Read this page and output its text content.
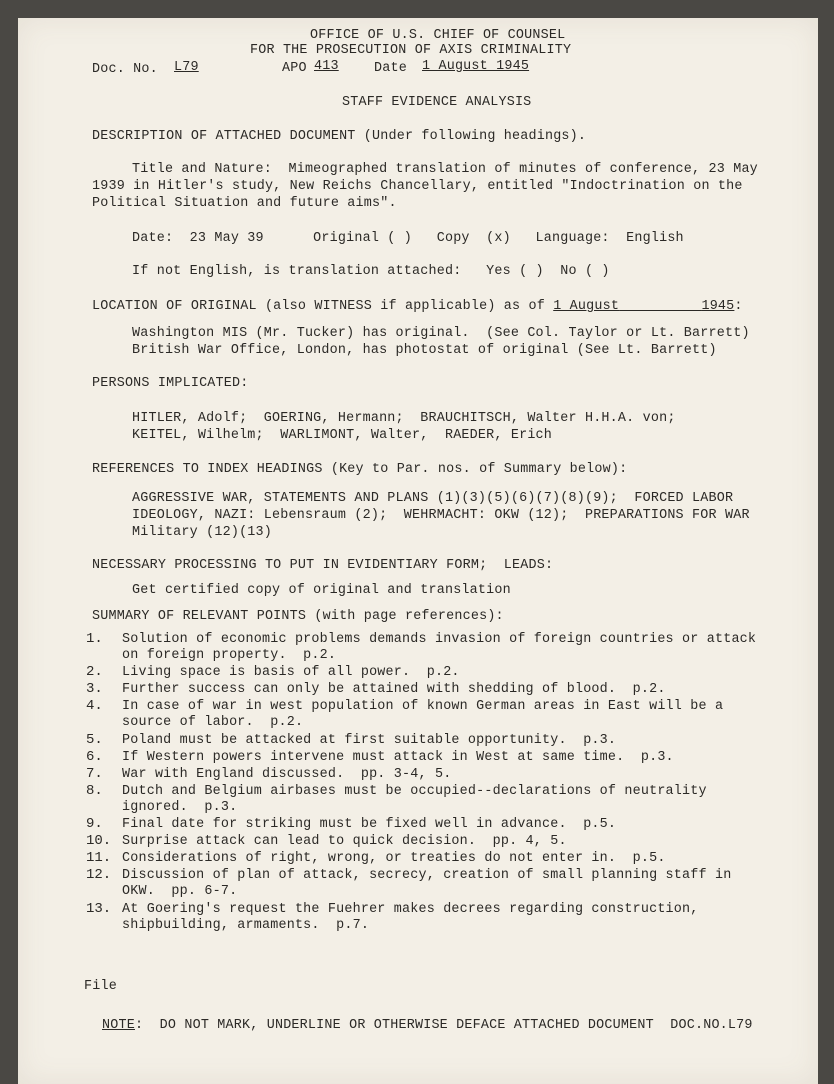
OFFICE OF U.S. CHIEF OF COUNSEL
FOR THE PROSECUTION OF AXIS CRIMINALITY
Doc. No. L79	APO 413	Date 1 August 1945
STAFF EVIDENCE ANALYSIS
DESCRIPTION OF ATTACHED DOCUMENT (Under following headings).
Title and Nature:  Mimeographed translation of minutes of conference, 23 May
1939 in Hitler's study, New Reichs Chancellary, entitled "Indoctrination on the
Political Situation and future aims".
Date:  23 May 39      Original ( )   Copy  (x)   Language:  English
If not English, is translation attached:   Yes ( )  No ( )
LOCATION OF ORIGINAL (also WITNESS if applicable) as of 1 August	1945:
Washington MIS (Mr. Tucker) has original.  (See Col. Taylor or Lt. Barrett)
British War Office, London, has photostat of original (See Lt. Barrett)
PERSONS IMPLICATED:
HITLER, Adolf;  GOERING, Hermann;  BRAUCHITSCH, Walter H.H.A. von;
KEITEL, Wilhelm;  WARLIMONT, Walter,  RAEDER, Erich
REFERENCES TO INDEX HEADINGS (Key to Par. nos. of Summary below):
AGGRESSIVE WAR, STATEMENTS AND PLANS (1)(3)(5)(6)(7)(8)(9);  FORCED LABOR
IDEOLOGY, NAZI: Lebensraum (2);  WEHRMACHT: OKW (12);  PREPARATIONS FOR WAR
Military (12)(13)
NECESSARY PROCESSING TO PUT IN EVIDENTIARY FORM;  LEADS:
Get certified copy of original and translation
SUMMARY OF RELEVANT POINTS (with page references):
1. Solution of economic problems demands invasion of foreign countries or attack
on foreign property.  p.2.
2. Living space is basis of all power.  p.2.
3. Further success can only be attained with shedding of blood.  p.2.
4. In case of war in west population of known German areas in East will be a
source of labor.  p.2.
5. Poland must be attacked at first suitable opportunity.  p.3.
6. If Western powers intervene must attack in West at same time.  p.3.
7. War with England discussed.  pp. 3-4, 5.
8. Dutch and Belgium airbases must be occupied--declarations of neutrality
ignored.  p.3.
9. Final date for striking must be fixed well in advance.  p.5.
10. Surprise attack can lead to quick decision.  pp. 4, 5.
11. Considerations of right, wrong, or treaties do not enter in.  p.5.
12. Discussion of plan of attack, secrecy, creation of small planning staff in
OKW.  pp. 6-7.
13. At Goering's request the Fuehrer makes decrees regarding construction,
shipbuilding, armaments.  p.7.
File
NOTE:  DO NOT MARK, UNDERLINE OR OTHERWISE DEFACE ATTACHED DOCUMENT  DOC.NO.L79
